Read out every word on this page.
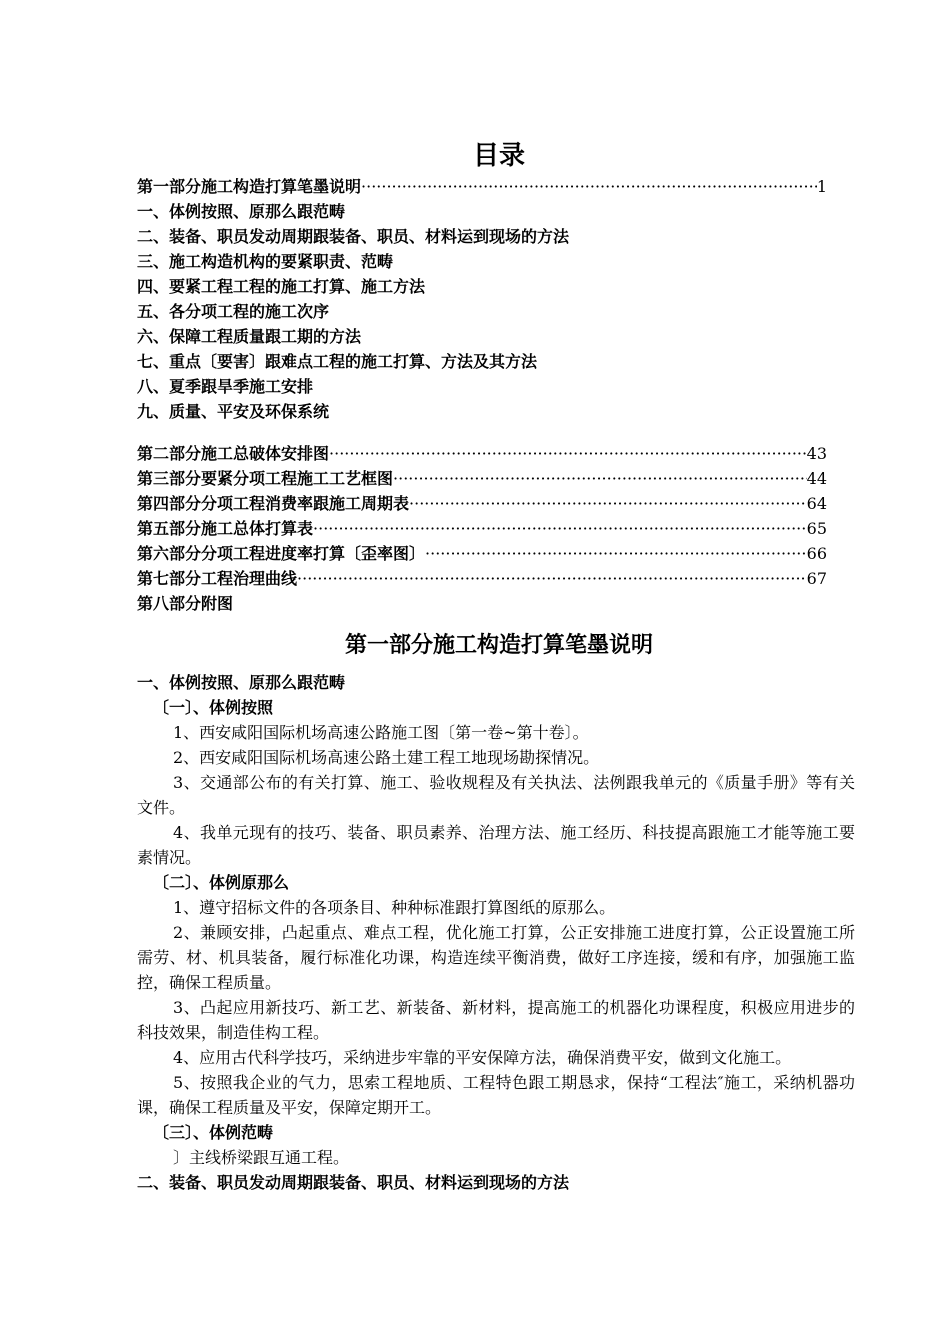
目录
第一部分施工构造打算笔墨说明 ·····	1
一、体例按照、原那么跟范畴
二、装备、职员发动周期跟装备、职员、材料运到现场的方法
三、施工构造机构的要紧职责、范畴
四、要紧工程工程的施工打算、施工方法
五、各分项工程的施工次序
六、保障工程质量跟工期的方法
七、重点〔要害〕跟难点工程的施工打算、方法及其方法
八、夏季跟旱季施工安排
九、质量、平安及环保系统
第二部分施工总破体安排图 ·····	43
第三部分要紧分项工程施工工艺框图 ·····	44
第四部分分项工程消费率跟施工周期表 ·····	64
第五部分施工总体打算表 ·····	65
第六部分分项工程进度率打算〔歪率图〕 ·····	66
第七部分工程治理曲线 ·····	67
第八部分附图
第一部分施工构造打算笔墨说明
一、体例按照、原那么跟范畴
〔一〕、体例按照
1、西安咸阳国际机场高速公路施工图〔第一卷~第十卷〕。
2、西安咸阳国际机场高速公路土建工程工地现场勘探情况。
3、交通部公布的有关打算、施工、验收规程及有关执法、法例跟我单元的《质量手册》等有关文件。
4、我单元现有的技巧、装备、职员素养、治理方法、施工经历、科技提高跟施工才能等施工要素情况。
〔二〕、体例原那么
1、遵守招标文件的各项条目、种种标准跟打算图纸的原那么。
2、兼顾安排，凸起重点、难点工程，优化施工打算，公正安排施工进度打算，公正设置施工所需劳、材、机具装备，履行标准化功课，构造连续平衡消费，做好工序连接，缓和有序，加强施工监控，确保工程质量。
3、凸起应用新技巧、新工艺、新装备、新材料，提高施工的机器化功课程度，积极应用进步的科技效果，制造佳构工程。
4、应用古代科学技巧，采纳进步牢靠的平安保障方法，确保消费平安，做到文化施工。
5、按照我企业的气力，思索工程地质、工程特色跟工期恳求，保持“工程法″施工，采纳机器功课，确保工程质量及平安，保障定期开工。
〔三〕、体例范畴
〕主线桥梁跟互通工程。
二、装备、职员发动周期跟装备、职员、材料运到现场的方法
